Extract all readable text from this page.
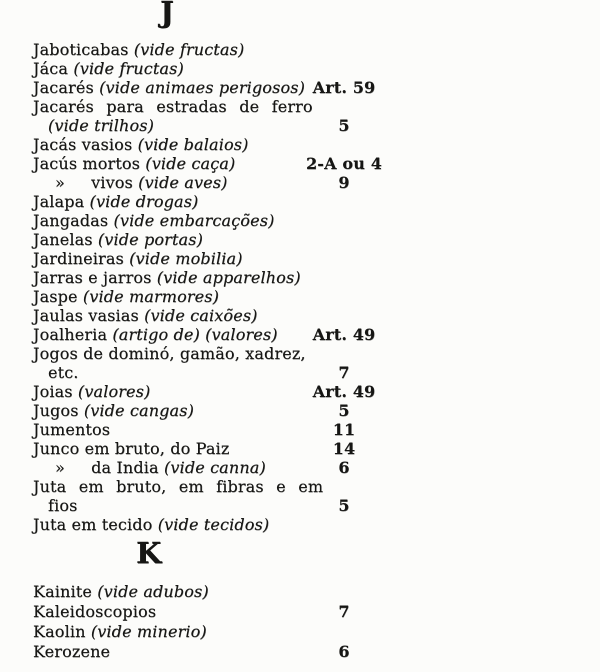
J
Jaboticabas (vide fructas)
Jáca (vide fructas)
Jacarés (vide animaes perigosos) Art. 59
Jacarés para estradas de ferro
(vide trilhos)	5
Jacás vasios (vide balaios)
Jacús mortos (vide caça)	2-A ou 4
»     vivos (vide aves)	9
Jalapa (vide drogas)
Jangadas (vide embarcações)
Janelas (vide portas)
Jardineiras (vide mobilia)
Jarras e jarros (vide apparelhos)
Jaspe (vide marmores)
Jaulas vasias (vide caixões)
Joalheria (artigo de) (valores)	Art. 49
Jogos de dominó, gamão, xadrez,
etc.	7
Joias (valores)	Art. 49
Jugos (vide cangas)	5
Jumentos	11
Junco em bruto, do Paiz	14
»     da India (vide canna)	6
Juta em bruto, em fibras e em
fios	5
Juta em tecido (vide tecidos)
K
Kainite (vide adubos)
Kaleidoscopios	7
Kaolin (vide minerio)
Kerozene	6
